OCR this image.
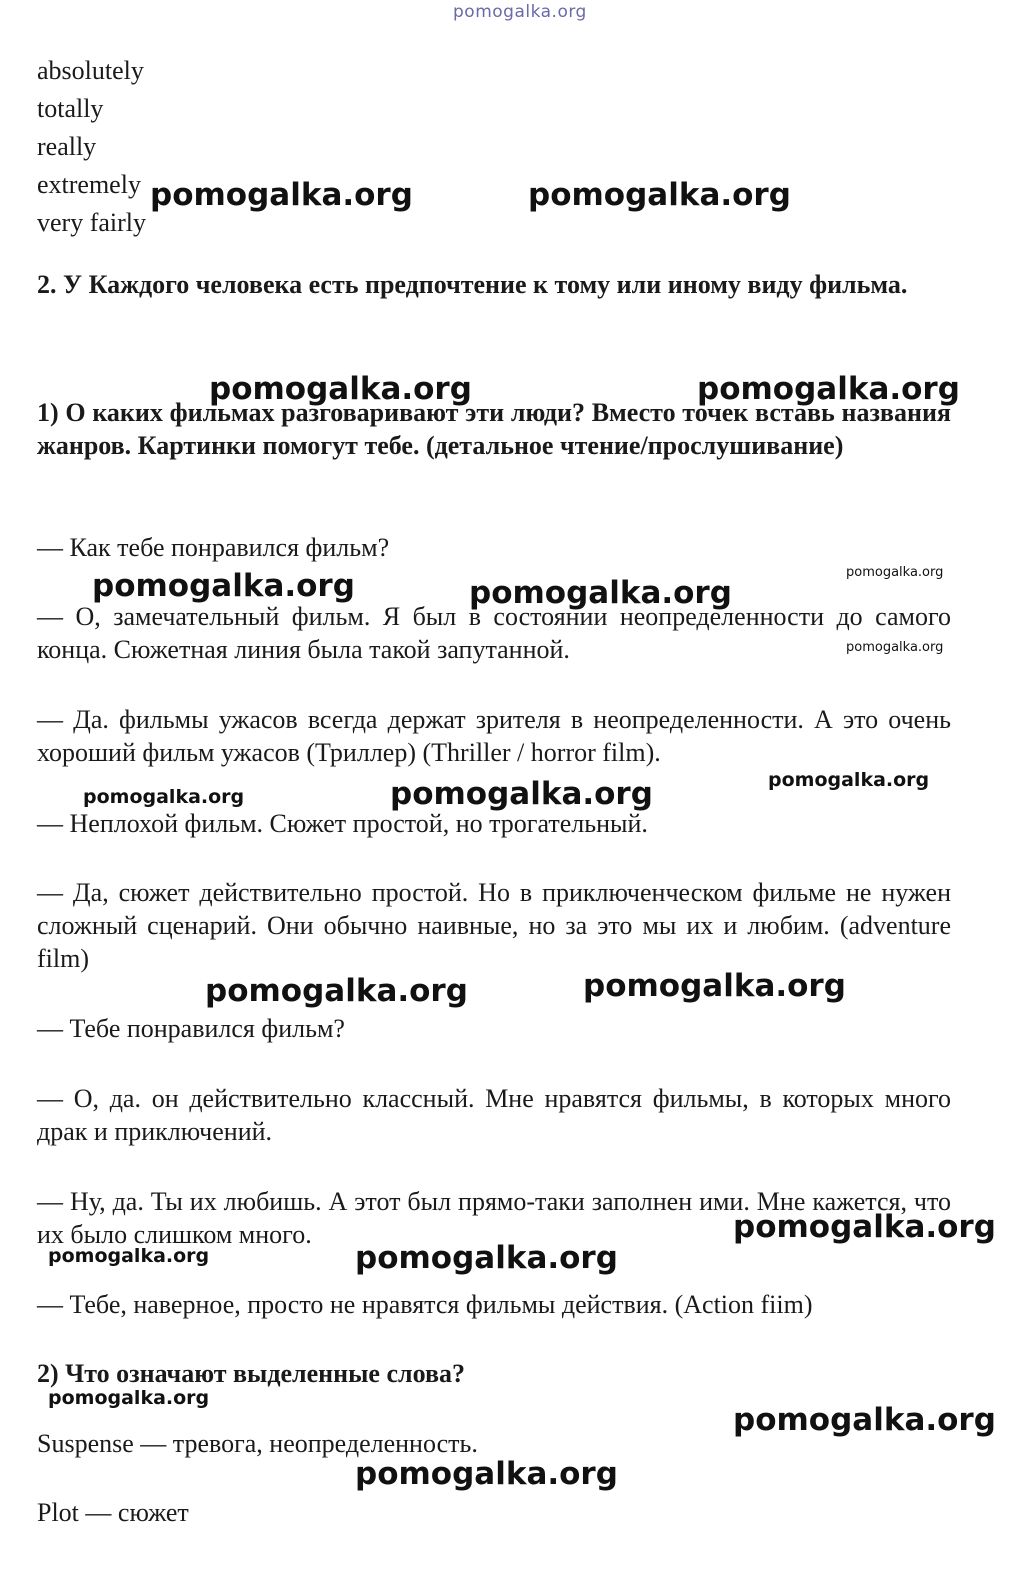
pomogalka.org
absolutely
totally
really
extremely
very fairly
2. У Каждого человека есть предпочтение к тому или иному виду фильма.
1) О каких фильмах разговаривают эти люди? Вместо точек вставь названия жанров. Картинки помогут тебе. (детальное чтение/прослушивание)
— Как тебе понравился фильм?
— О, замечательный фильм. Я был в состоянии неопределенности до самого конца. Сюжетная линия была такой запутанной.
— Да. фильмы ужасов всегда держат зрителя в неопределенности. А это очень хороший фильм ужасов (Триллер) (Thriller / horror film).
— Неплохой фильм. Сюжет простой, но трогательный.
— Да, сюжет действительно простой. Но в приключенческом фильме не нужен сложный сценарий. Они обычно наивные, но за это мы их и любим. (adventure film)
— Тебе понравился фильм?
— О, да. он действительно классный. Мне нравятся фильмы, в которых много драк и приключений.
— Ну, да. Ты их любишь. А этот был прямо-таки заполнен ими. Мне кажется, что их было слишком много.
— Тебе, наверное, просто не нравятся фильмы действия. (Action fiim)
2) Что означают выделенные слова?
Suspense — тревога, неопределенность.
Plot — сюжет
pomogalka.org	pomogalka.org
pomogalka.org	pomogalka.org
pomogalka.org	pomogalka.org
pomogalka.org
pomogalka.org
pomogalka.org
pomogalka.org	pomogalka.org
pomogalka.org	pomogalka.org
pomogalka.org
pomogalka.org	pomogalka.org
pomogalka.org
pomogalka.org
pomogalka.org
